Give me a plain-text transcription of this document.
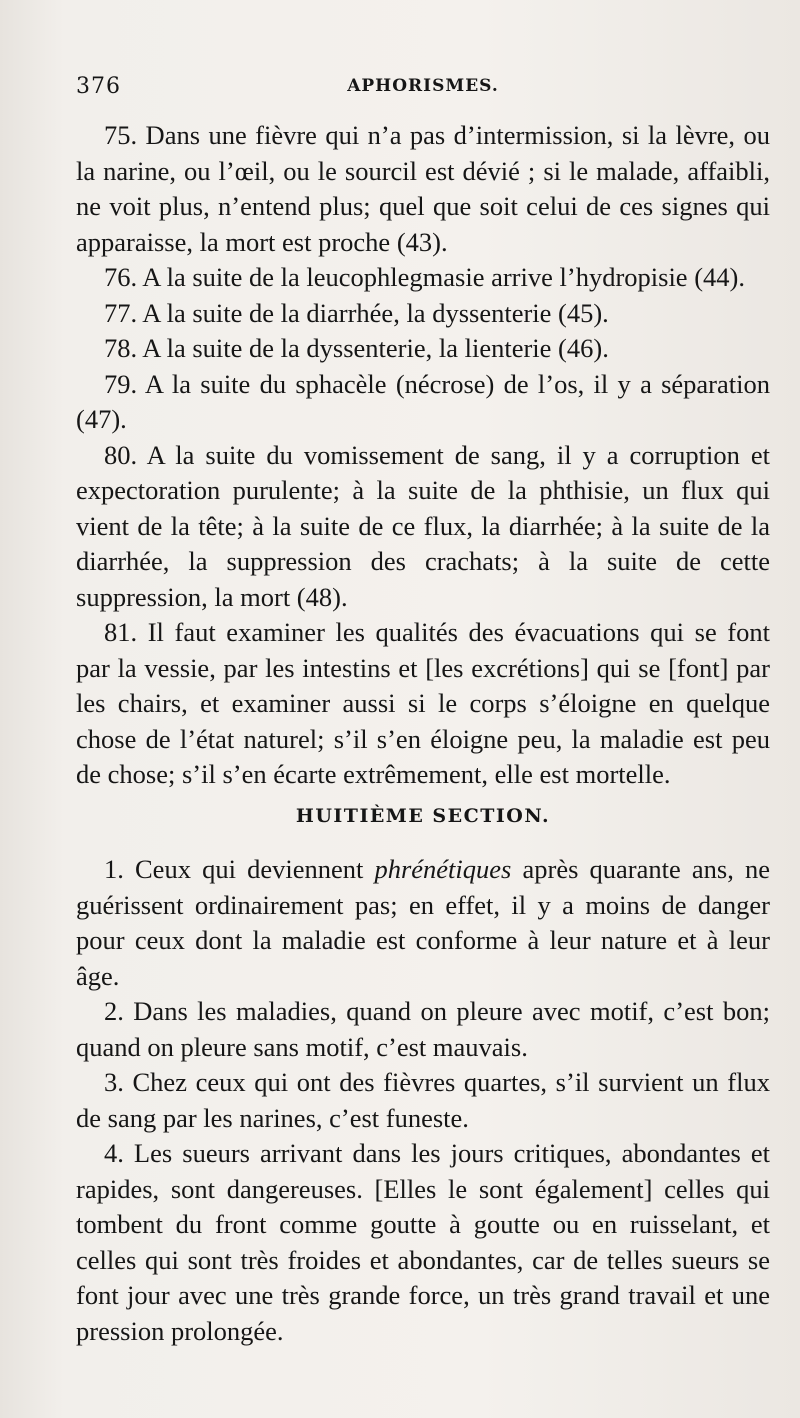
376	APHORISMES.

75. Dans une fièvre qui n’a pas d’intermission, si la lèvre, ou la narine, ou l’œil, ou le sourcil est dévié ; si le malade, affaibli, ne voit plus, n’entend plus; quel que soit celui de ces signes qui apparaisse, la mort est proche (43).

76. A la suite de la leucophlegmasie arrive l’hydropisie (44).

77. A la suite de la diarrhée, la dyssenterie (45).

78. A la suite de la dyssenterie, la lienterie (46).

79. A la suite du sphacèle (nécrose) de l’os, il y a séparation (47).

80. A la suite du vomissement de sang, il y a corruption et expectoration purulente; à la suite de la phthisie, un flux qui vient de la tête; à la suite de ce flux, la diarrhée; à la suite de la diarrhée, la suppression des crachats; à la suite de cette suppression, la mort (48).

81. Il faut examiner les qualités des évacuations qui se font par la vessie, par les intestins et [les excrétions] qui se [font] par les chairs, et examiner aussi si le corps s’éloigne en quelque chose de l’état naturel; s’il s’en éloigne peu, la maladie est peu de chose; s’il s’en écarte extrêmement, elle est mortelle.

HUITIÈME SECTION.

1. Ceux qui deviennent phrénétiques après quarante ans, ne guérissent ordinairement pas; en effet, il y a moins de danger pour ceux dont la maladie est conforme à leur nature et à leur âge.

2. Dans les maladies, quand on pleure avec motif, c’est bon; quand on pleure sans motif, c’est mauvais.

3. Chez ceux qui ont des fièvres quartes, s’il survient un flux de sang par les narines, c’est funeste.

4. Les sueurs arrivant dans les jours critiques, abondantes et rapides, sont dangereuses. [Elles le sont également] celles qui tombent du front comme goutte à goutte ou en ruisselant, et celles qui sont très froides et abondantes, car de telles sueurs se font jour avec une très grande force, un très grand travail et une pression prolongée.
